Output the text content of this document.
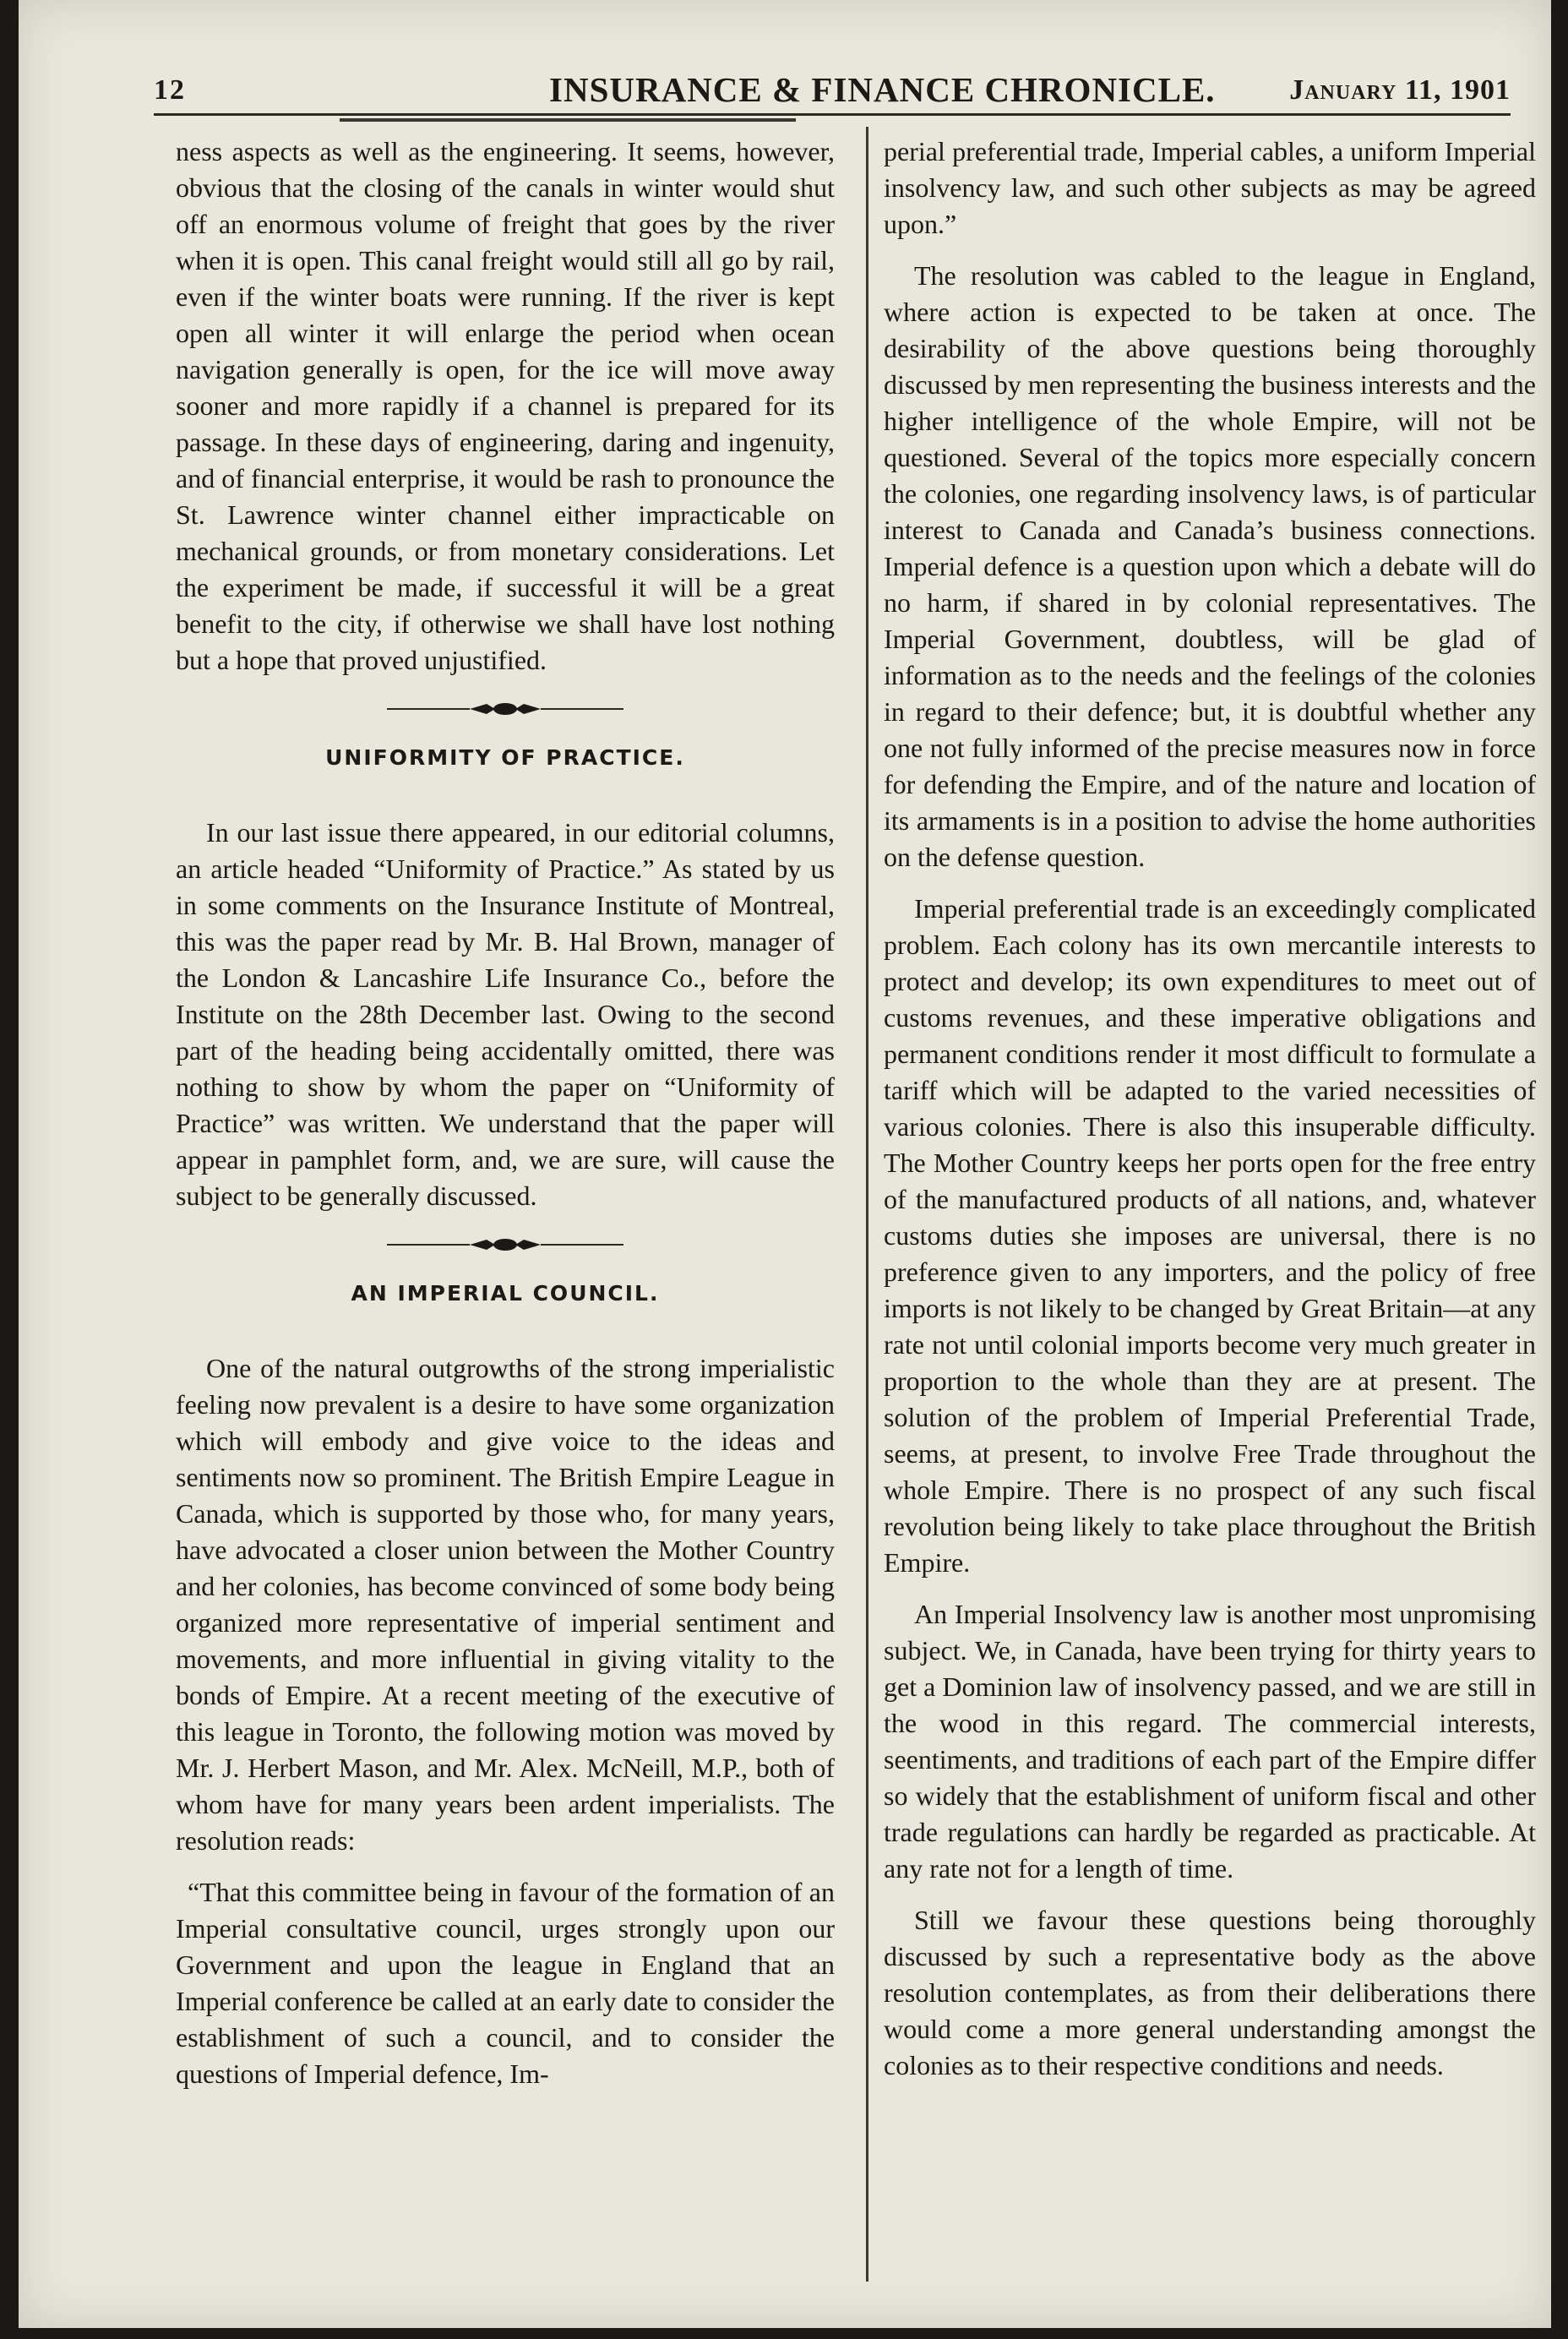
12	INSURANCE & FINANCE CHRONICLE.	January 11, 1901

ness aspects as well as the engineering. It seems, however, obvious that the closing of the canals in winter would shut off an enormous volume of freight that goes by the river when it is open. This canal freight would still all go by rail, even if the winter boats were running. If the river is kept open all winter it will enlarge the period when ocean navigation generally is open, for the ice will move away sooner and more rapidly if a channel is prepared for its passage. In these days of engineering, daring and ingenuity, and of financial enterprise, it would be rash to pronounce the St. Lawrence winter channel either impracticable on mechanical grounds, or from monetary considerations. Let the experiment be made, if successful it will be a great benefit to the city, if otherwise we shall have lost nothing but a hope that proved unjustified.

UNIFORMITY OF PRACTICE.

In our last issue there appeared, in our editorial columns, an article headed “Uniformity of Practice.” As stated by us in some comments on the Insurance Institute of Montreal, this was the paper read by Mr. B. Hal Brown, manager of the London & Lancashire Life Insurance Co., before the Institute on the 28th December last. Owing to the second part of the heading being accidentally omitted, there was nothing to show by whom the paper on “Uniformity of Practice” was written. We understand that the paper will appear in pamphlet form, and, we are sure, will cause the subject to be generally discussed.

AN IMPERIAL COUNCIL.

One of the natural outgrowths of the strong imperialistic feeling now prevalent is a desire to have some organization which will embody and give voice to the ideas and sentiments now so prominent. The British Empire League in Canada, which is supported by those who, for many years, have advocated a closer union between the Mother Country and her colonies, has become convinced of some body being organized more representative of imperial sentiment and movements, and more influential in giving vitality to the bonds of Empire. At a recent meeting of the executive of this league in Toronto, the following motion was moved by Mr. J. Herbert Mason, and Mr. Alex. McNeill, M.P., both of whom have for many years been ardent imperialists. The resolution reads:

“That this committee being in favour of the formation of an Imperial consultative council, urges strongly upon our Government and upon the league in England that an Imperial conference be called at an early date to consider the establishment of such a council, and to consider the questions of Imperial defence, Im-

perial preferential trade, Imperial cables, a uniform Imperial insolvency law, and such other subjects as may be agreed upon.”

The resolution was cabled to the league in England, where action is expected to be taken at once. The desirability of the above questions being thoroughly discussed by men representing the business interests and the higher intelligence of the whole Empire, will not be questioned. Several of the topics more especially concern the colonies, one regarding insolvency laws, is of particular interest to Canada and Canada’s business connections. Imperial defence is a question upon which a debate will do no harm, if shared in by colonial representatives. The Imperial Government, doubtless, will be glad of information as to the needs and the feelings of the colonies in regard to their defence; but, it is doubtful whether any one not fully informed of the precise measures now in force for defending the Empire, and of the nature and location of its armaments is in a position to advise the home authorities on the defense question.

Imperial preferential trade is an exceedingly complicated problem. Each colony has its own mercantile interests to protect and develop; its own expenditures to meet out of customs revenues, and these imperative obligations and permanent conditions render it most difficult to formulate a tariff which will be adapted to the varied necessities of various colonies. There is also this insuperable difficulty. The Mother Country keeps her ports open for the free entry of the manufactured products of all nations, and, whatever customs duties she imposes are universal, there is no preference given to any importers, and the policy of free imports is not likely to be changed by Great Britain—at any rate not until colonial imports become very much greater in proportion to the whole than they are at present. The solution of the problem of Imperial Preferential Trade, seems, at present, to involve Free Trade throughout the whole Empire. There is no prospect of any such fiscal revolution being likely to take place throughout the British Empire.

An Imperial Insolvency law is another most unpromising subject. We, in Canada, have been trying for thirty years to get a Dominion law of insolvency passed, and we are still in the wood in this regard. The commercial interests, seentiments, and traditions of each part of the Empire differ so widely that the establishment of uniform fiscal and other trade regulations can hardly be regarded as practicable. At any rate not for a length of time.

Still we favour these questions being thoroughly discussed by such a representative body as the above resolution contemplates, as from their deliberations there would come a more general understanding amongst the colonies as to their respective conditions and needs.
